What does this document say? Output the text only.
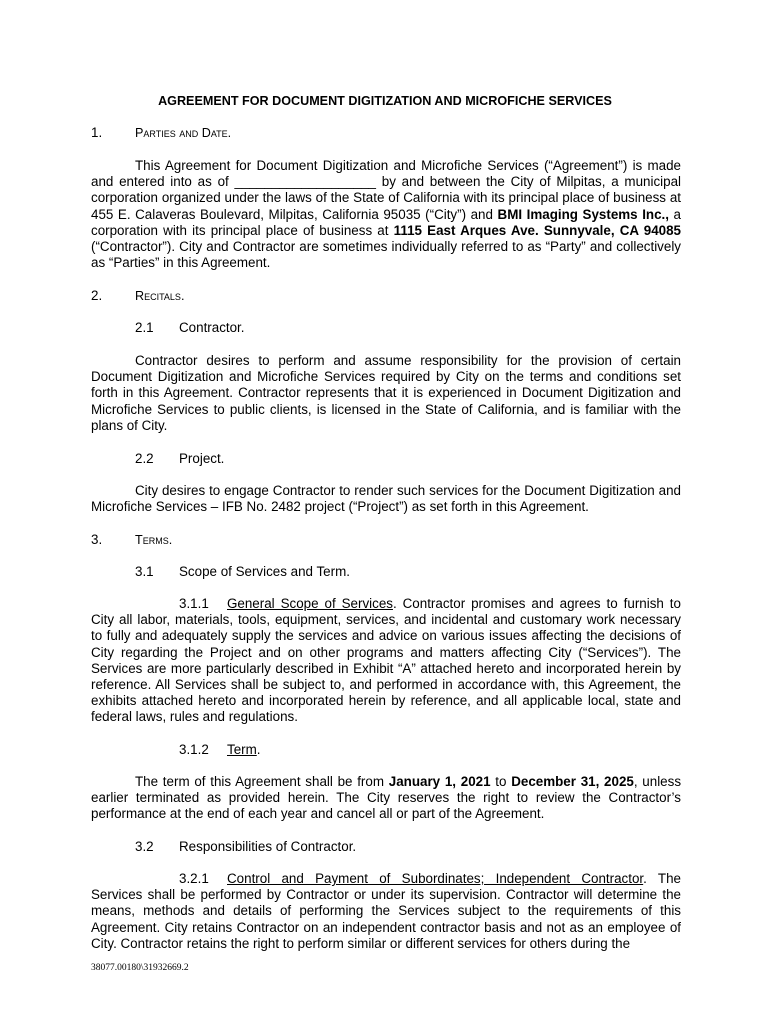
AGREEMENT FOR DOCUMENT DIGITIZATION AND MICROFICHE SERVICES
1.	Parties and Date.
This Agreement for Document Digitization and Microfiche Services (“Agreement”) is made and entered into as of ___________________ by and between the City of Milpitas, a municipal corporation organized under the laws of the State of California with its principal place of business at 455 E. Calaveras Boulevard, Milpitas, California 95035 (“City”) and BMI Imaging Systems Inc., a corporation with its principal place of business at 1115 East Arques Ave. Sunnyvale, CA 94085 (“Contractor”). City and Contractor are sometimes individually referred to as “Party” and collectively as “Parties” in this Agreement.
2.	Recitals.
2.1 Contractor.
Contractor desires to perform and assume responsibility for the provision of certain Document Digitization and Microfiche Services required by City on the terms and conditions set forth in this Agreement. Contractor represents that it is experienced in Document Digitization and Microfiche Services to public clients, is licensed in the State of California, and is familiar with the plans of City.
2.2 Project.
City desires to engage Contractor to render such services for the Document Digitization and Microfiche Services – IFB No. 2482 project (“Project”) as set forth in this Agreement.
3.	Terms.
3.1 Scope of Services and Term.
3.1.1 General Scope of Services. Contractor promises and agrees to furnish to City all labor, materials, tools, equipment, services, and incidental and customary work necessary to fully and adequately supply the services and advice on various issues affecting the decisions of City regarding the Project and on other programs and matters affecting City (“Services”). The Services are more particularly described in Exhibit “A” attached hereto and incorporated herein by reference. All Services shall be subject to, and performed in accordance with, this Agreement, the exhibits attached hereto and incorporated herein by reference, and all applicable local, state and federal laws, rules and regulations.
3.1.2 Term.
The term of this Agreement shall be from January 1, 2021 to December 31, 2025, unless earlier terminated as provided herein. The City reserves the right to review the Contractor’s performance at the end of each year and cancel all or part of the Agreement.
3.2 Responsibilities of Contractor.
3.2.1 Control and Payment of Subordinates; Independent Contractor. The Services shall be performed by Contractor or under its supervision. Contractor will determine the means, methods and details of performing the Services subject to the requirements of this Agreement. City retains Contractor on an independent contractor basis and not as an employee of City. Contractor retains the right to perform similar or different services for others during the
38077.00180\31932669.2
